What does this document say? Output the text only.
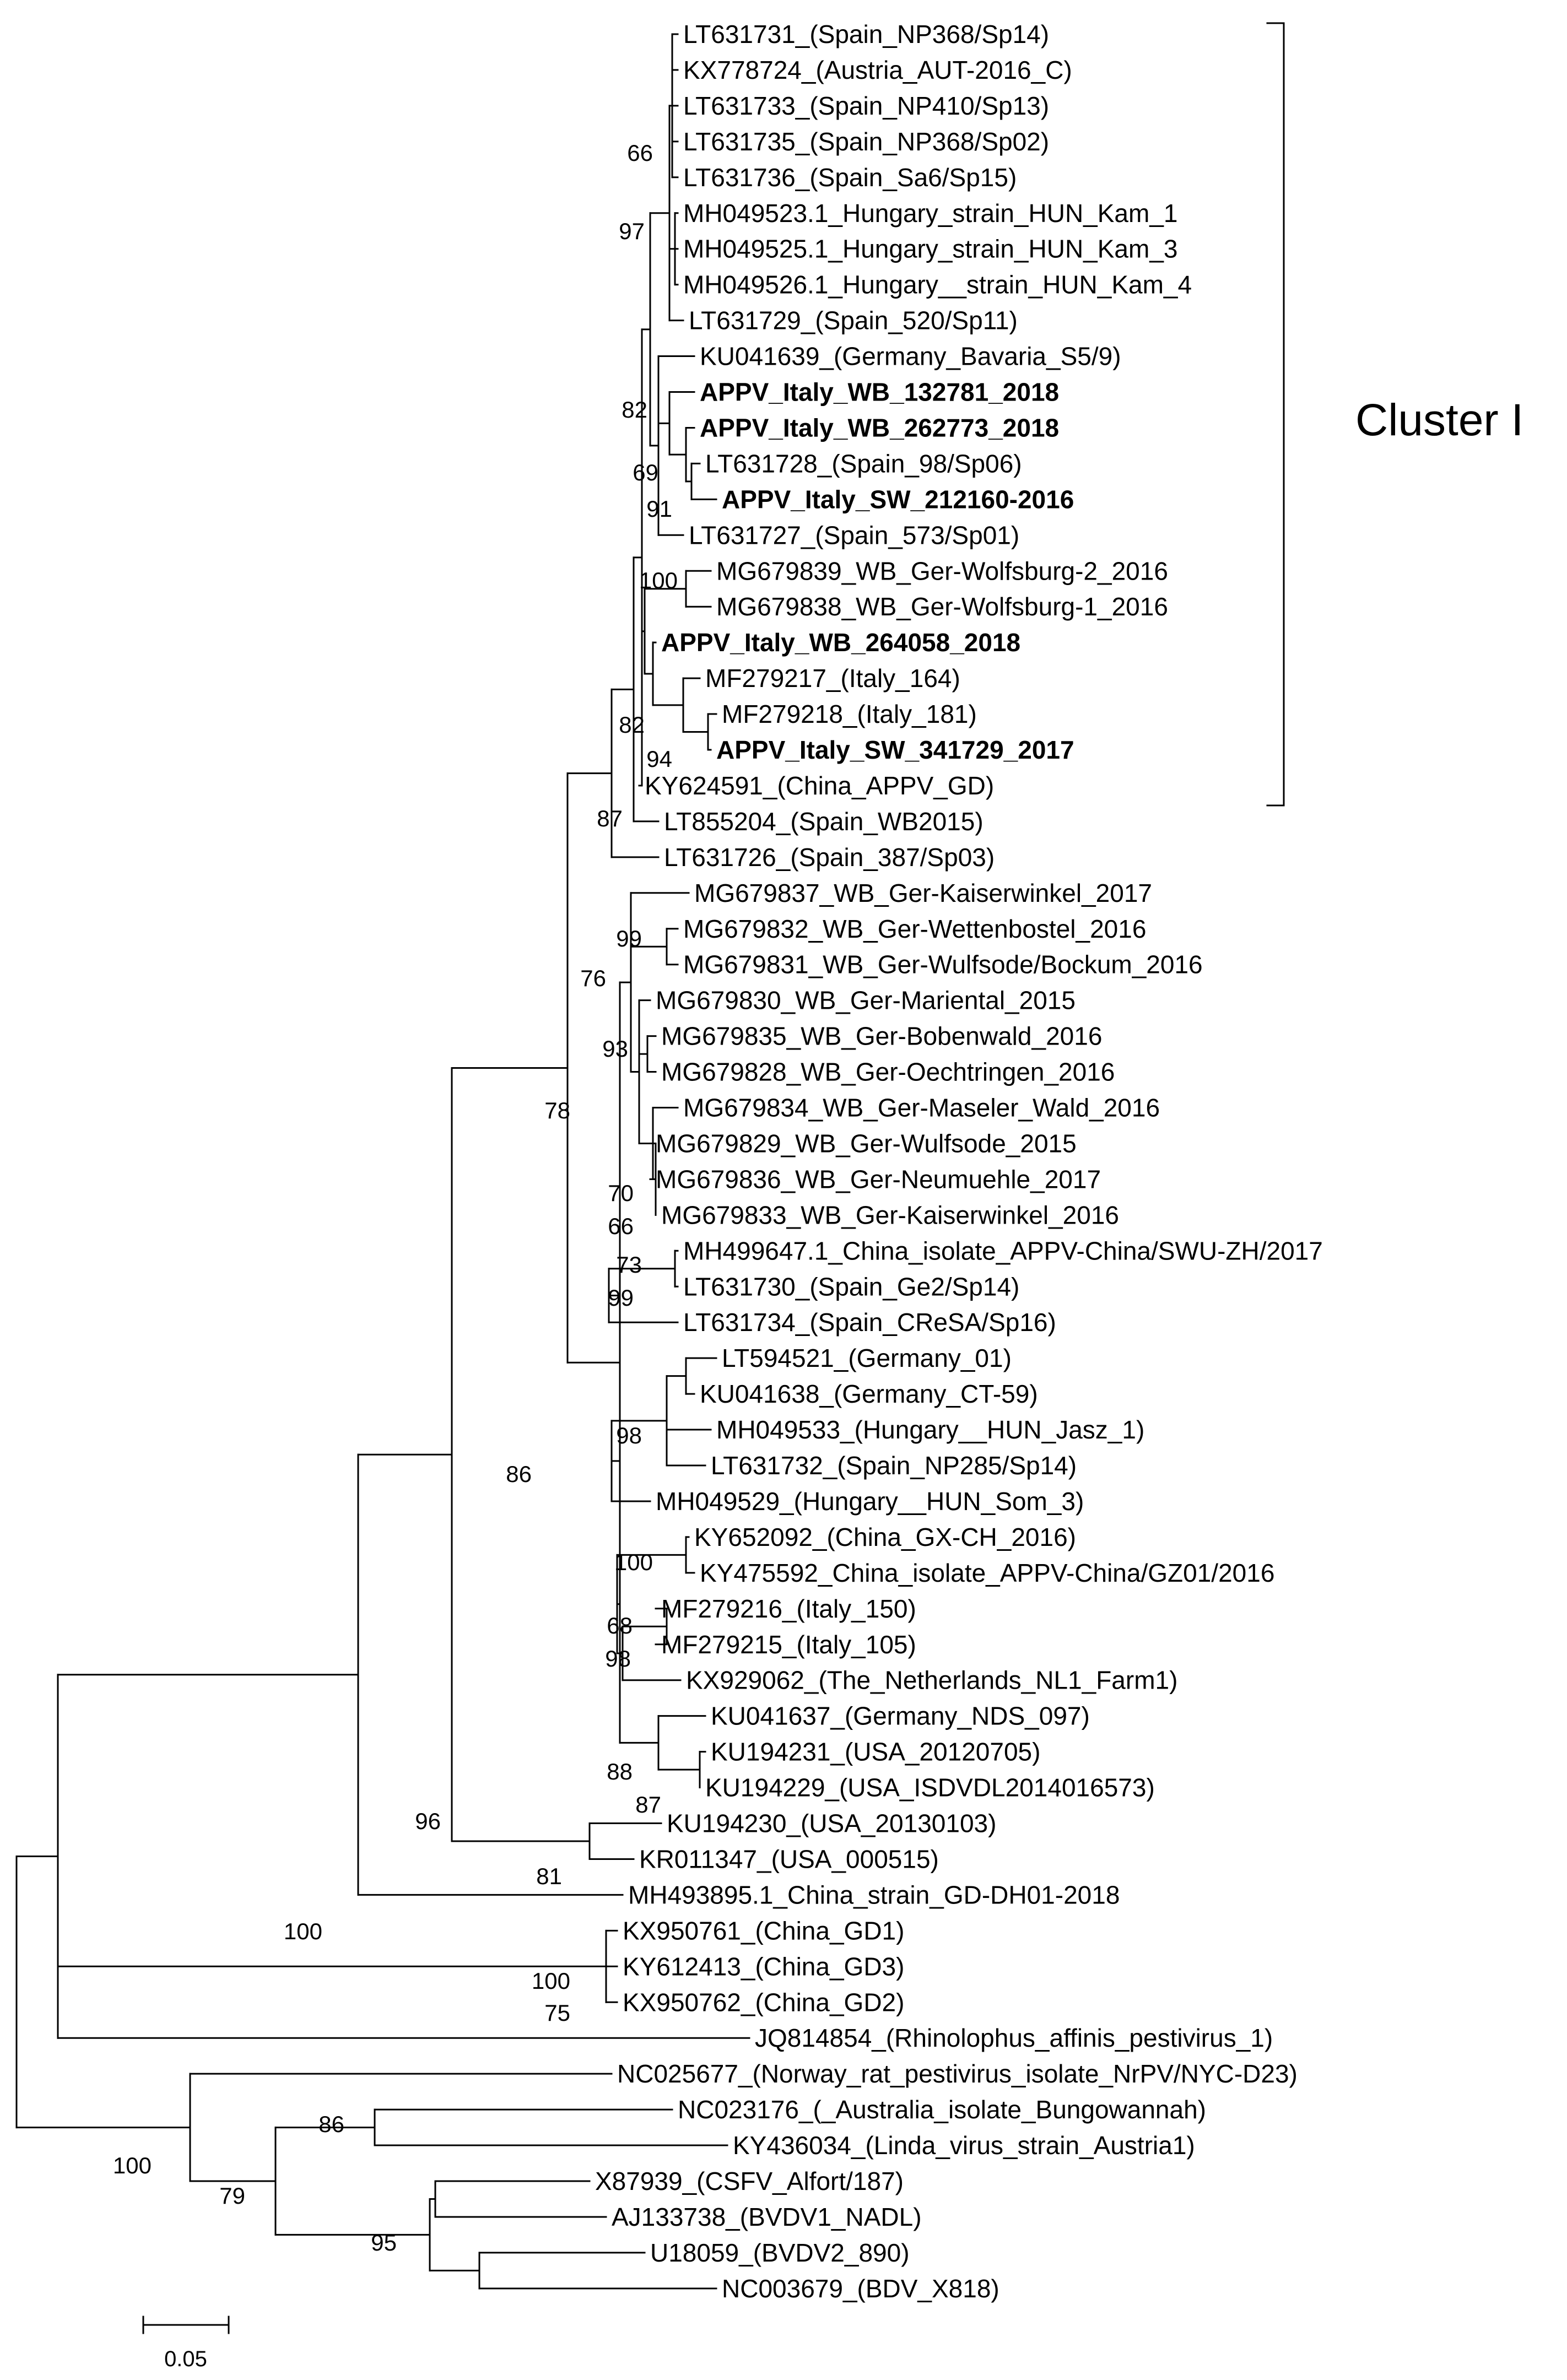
LT631731_(Spain_NP368/Sp14)
KX778724_(Austria_AUT-2016_C)
LT631733_(Spain_NP410/Sp13)
LT631735_(Spain_NP368/Sp02)
LT631736_(Spain_Sa6/Sp15)
MH049523.1_Hungary_strain_HUN_Kam_1
MH049525.1_Hungary_strain_HUN_Kam_3
MH049526.1_Hungary__strain_HUN_Kam_4
LT631729_(Spain_520/Sp11)
KU041639_(Germany_Bavaria_S5/9)
APPV_Italy_WB_132781_2018
APPV_Italy_WB_262773_2018
LT631728_(Spain_98/Sp06)
APPV_Italy_SW_212160-2016
LT631727_(Spain_573/Sp01)
MG679839_WB_Ger-Wolfsburg-2_2016
MG679838_WB_Ger-Wolfsburg-1_2016
APPV_Italy_WB_264058_2018
MF279217_(Italy_164)
MF279218_(Italy_181)
APPV_Italy_SW_341729_2017
KY624591_(China_APPV_GD)
LT855204_(Spain_WB2015)
LT631726_(Spain_387/Sp03)
MG679837_WB_Ger-Kaiserwinkel_2017
MG679832_WB_Ger-Wettenbostel_2016
MG679831_WB_Ger-Wulfsode/Bockum_2016
MG679830_WB_Ger-Mariental_2015
MG679835_WB_Ger-Bobenwald_2016
MG679828_WB_Ger-Oechtringen_2016
MG679834_WB_Ger-Maseler_Wald_2016
MG679829_WB_Ger-Wulfsode_2015
MG679836_WB_Ger-Neumuehle_2017
MG679833_WB_Ger-Kaiserwinkel_2016
MH499647.1_China_isolate_APPV-China/SWU-ZH/2017
LT631730_(Spain_Ge2/Sp14)
LT631734_(Spain_CReSA/Sp16)
LT594521_(Germany_01)
KU041638_(Germany_CT-59)
MH049533_(Hungary__HUN_Jasz_1)
LT631732_(Spain_NP285/Sp14)
MH049529_(Hungary__HUN_Som_3)
KY652092_(China_GX-CH_2016)
KY475592_China_isolate_APPV-China/GZ01/2016
MF279216_(Italy_150)
MF279215_(Italy_105)
KX929062_(The_Netherlands_NL1_Farm1)
KU041637_(Germany_NDS_097)
KU194231_(USA_20120705)
KU194229_(USA_ISDVDL2014016573)
KU194230_(USA_20130103)
KR011347_(USA_000515)
MH493895.1_China_strain_GD-DH01-2018
KX950761_(China_GD1)
KY612413_(China_GD3)
KX950762_(China_GD2)
JQ814854_(Rhinolophus_affinis_pestivirus_1)
NC025677_(Norway_rat_pestivirus_isolate_NrPV/NYC-D23)
NC023176_(_Australia_isolate_Bungowannah)
KY436034_(Linda_virus_strain_Austria1)
X87939_(CSFV_Alfort/187)
AJ133738_(BVDV1_NADL)
U18059_(BVDV2_890)
NC003679_(BDV_X818)
66
97
82
69
91
100
82
94
87
99
76
93
78
70
66
73
99
98
86
100
68
98
88
87
96
81
100
100
75
86
100
79
95
Cluster I
0.05
